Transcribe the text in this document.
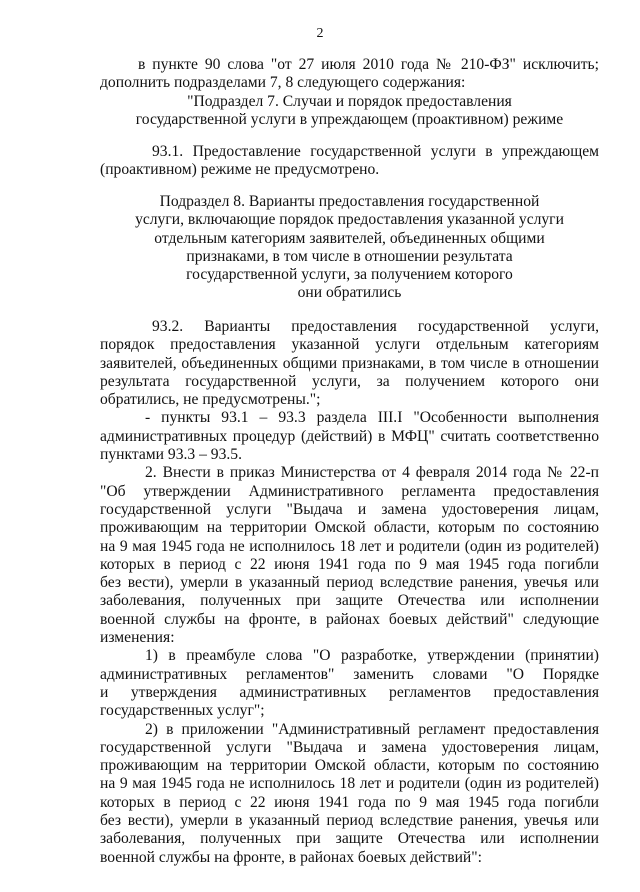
2
в пункте 90 слова "от 27 июля 2010 года № 210-ФЗ" исключить;
дополнить подразделами 7, 8 следующего содержания:
"Подраздел 7. Случаи и порядок предоставления
государственной услуги в упреждающем (проактивном) режиме
93.1. Предоставление государственной услуги в упреждающем
(проактивном) режиме не предусмотрено.
Подраздел 8. Варианты предоставления государственной
услуги, включающие порядок предоставления указанной услуги
отдельным категориям заявителей, объединенных общими
признаками, в том числе в отношении результата
государственной услуги, за получением которого
они обратились
93.2. Варианты предоставления государственной услуги,
порядок предоставления указанной услуги отдельным категориям
заявителей, объединенных общими признаками, в том числе в отношении
результата государственной услуги, за получением которого они
обратились, не предусмотрены.";
- пункты 93.1 – 93.3 раздела III.I "Особенности выполнения
административных процедур (действий) в МФЦ" считать соответственно
пунктами 93.3 – 93.5.
2. Внести в приказ Министерства от 4 февраля 2014 года № 22-п
"Об утверждении Административного регламента предоставления
государственной услуги "Выдача и замена удостоверения лицам,
проживающим на территории Омской области, которым по состоянию
на 9 мая 1945 года не исполнилось 18 лет и родители (один из родителей)
которых в период с 22 июня 1941 года по 9 мая 1945 года погибли
без вести), умерли в указанный период вследствие ранения, увечья или
заболевания, полученных при защите Отечества или исполнении
военной службы на фронте, в районах боевых действий" следующие
изменения:
1) в преамбуле слова "О разработке, утверждении (принятии)
административных регламентов" заменить словами "О Порядке
и утверждения административных регламентов предоставления
государственных услуг";
2) в приложении "Административный регламент предоставления
государственной услуги "Выдача и замена удостоверения лицам,
проживающим на территории Омской области, которым по состоянию
на 9 мая 1945 года не исполнилось 18 лет и родители (один из родителей)
которых в период с 22 июня 1941 года по 9 мая 1945 года погибли
без вести), умерли в указанный период вследствие ранения, увечья или
заболевания, полученных при защите Отечества или исполнении
военной службы на фронте, в районах боевых действий":
